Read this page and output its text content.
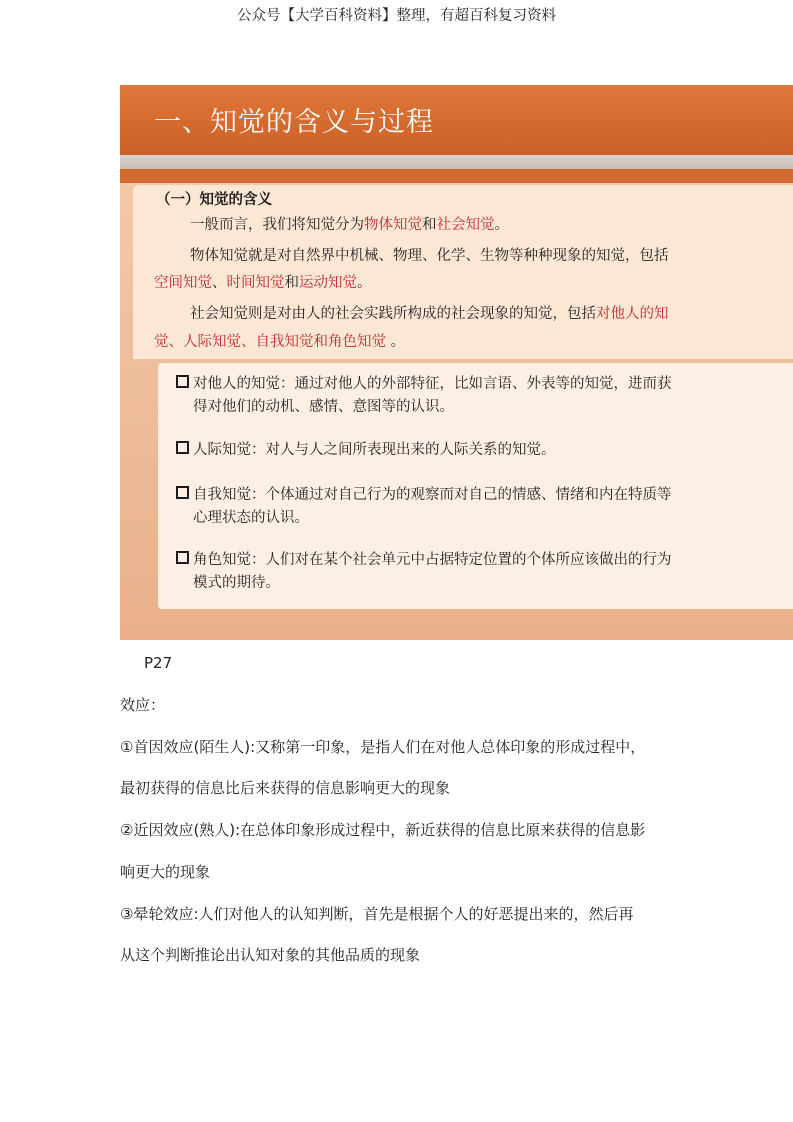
公众号【大学百科资料】整理，有超百科复习资料
一、知觉的含义与过程
（一）知觉的含义
一般而言，我们将知觉分为物体知觉和社会知觉。
物体知觉就是对自然界中机械、物理、化学、生物等种种现象的知觉，包括
空间知觉、时间知觉和运动知觉。
社会知觉则是对由人的社会实践所构成的社会现象的知觉，包括对他人的知
觉、人际知觉、自我知觉和角色知觉 。
对他人的知觉：通过对他人的外部特征，比如言语、外表等的知觉，进而获
得对他们的动机、感情、意图等的认识。
人际知觉：对人与人之间所表现出来的人际关系的知觉。
自我知觉：个体通过对自己行为的观察而对自己的情感、情绪和内在特质等
心理状态的认识。
角色知觉：人们对在某个社会单元中占据特定位置的个体所应该做出的行为
模式的期待。
P27
效应：
①首因效应(陌生人):又称第一印象，是指人们在对他人总体印象的形成过程中，
最初获得的信息比后来获得的信息影响更大的现象
②近因效应(熟人):在总体印象形成过程中，新近获得的信息比原来获得的信息影
响更大的现象
③晕轮效应:人们对他人的认知判断，首先是根据个人的好恶提出来的，然后再
从这个判断推论出认知对象的其他品质的现象
